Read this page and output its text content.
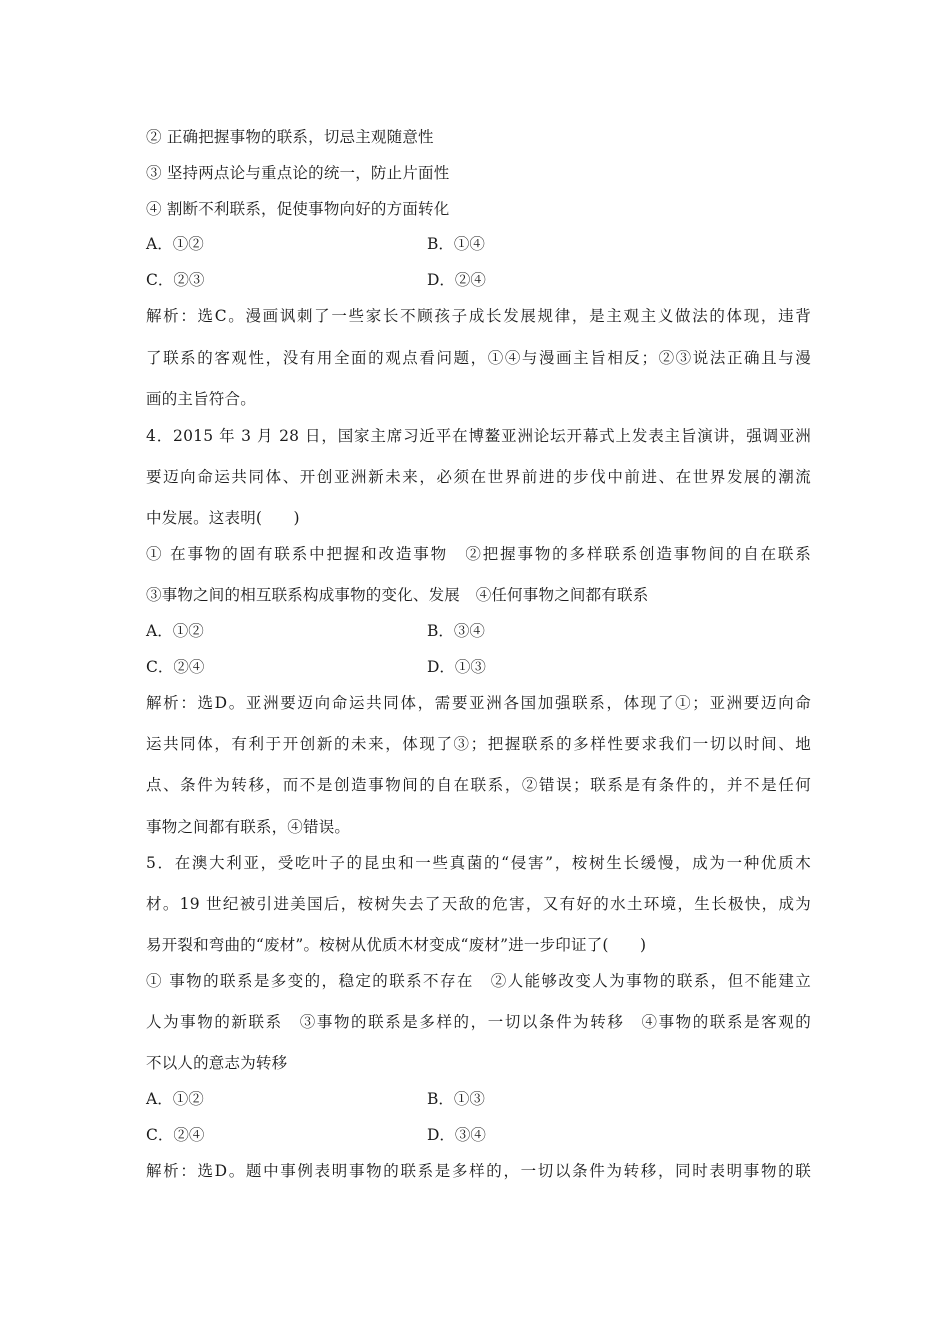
② 正确把握事物的联系，切忌主观随意性
③ 坚持两点论与重点论的统一，防止片面性
④ 割断不利联系，促使事物向好的方面转化
A．①②	B．①④
C．②③	D．②④
解析：选C。漫画讽刺了一些家长不顾孩子成长发展规律，是主观主义做法的体现，违背
了联系的客观性，没有用全面的观点看问题，①④与漫画主旨相反；②③说法正确且与漫
画的主旨符合。
4．2015 年 3 月 28 日，国家主席习近平在博鳌亚洲论坛开幕式上发表主旨演讲，强调亚洲
要迈向命运共同体、开创亚洲新未来，必须在世界前进的步伐中前进、在世界发展的潮流
中发展。这表明(　　)
① 在事物的固有联系中把握和改造事物　②把握事物的多样联系创造事物间的自在联系
③事物之间的相互联系构成事物的变化、发展　④任何事物之间都有联系
A．①②	B．③④
C．②④	D．①③
解析：选D。亚洲要迈向命运共同体，需要亚洲各国加强联系，体现了①；亚洲要迈向命
运共同体，有利于开创新的未来，体现了③；把握联系的多样性要求我们一切以时间、地
点、条件为转移，而不是创造事物间的自在联系，②错误；联系是有条件的，并不是任何
事物之间都有联系，④错误。
5．在澳大利亚，受吃叶子的昆虫和一些真菌的“侵害”，桉树生长缓慢，成为一种优质木
材。19 世纪被引进美国后，桉树失去了天敌的危害，又有好的水土环境，生长极快，成为
易开裂和弯曲的“废材”。桉树从优质木材变成“废材”进一步印证了(　　)
① 事物的联系是多变的，稳定的联系不存在　②人能够改变人为事物的联系，但不能建立
人为事物的新联系　③事物的联系是多样的，一切以条件为转移　④事物的联系是客观的
不以人的意志为转移
A．①②	B．①③
C．②④	D．③④
解析：选D。题中事例表明事物的联系是多样的，一切以条件为转移，同时表明事物的联
